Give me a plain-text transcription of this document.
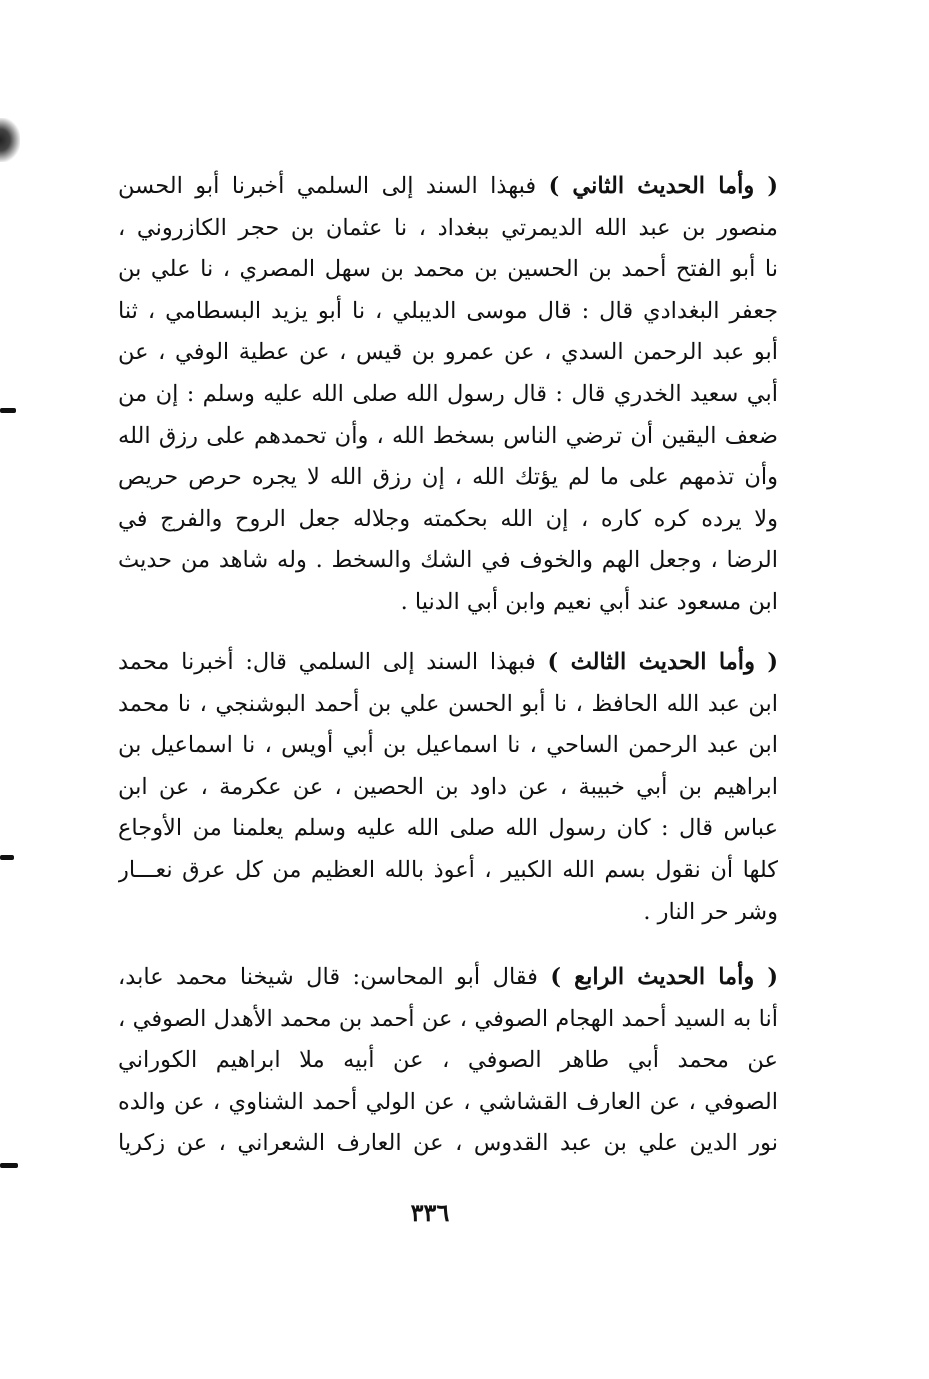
( وأما الحديث الثاني ) فبهذا السند إلى السلمي أخبرنا أبو الحسن
منصور بن عبد الله الديمرتي ببغداد ، نا عثمان بن حجر الكازروني ،
نا أبو الفتح أحمد بن الحسين بن محمد بن سهل المصري ، نا علي بن
جعفر البغدادي قال : قال موسى الديبلي ، نا أبو يزيد البسطامي ، ثنا
أبو عبد الرحمن السدي ، عن عمرو بن قيس ، عن عطية الوفي ، عن
أبي سعيد الخدري قال : قال رسول الله صلى الله عليه وسلم : إن من
ضعف اليقين أن ترضي الناس بسخط الله ، وأن تحمدهم على رزق الله
وأن تذمهم على ما لم يؤتك الله ، إن رزق الله لا يجره حرص حريص
ولا يرده كره كاره ، إن الله بحكمته وجلاله جعل الروح والفرج في
الرضا ، وجعل الهم والخوف في الشك والسخط . وله شاهد من حديث
ابن مسعود عند أبي نعيم وابن أبي الدنيا .
( وأما الحديث الثالث ) فبهذا السند إلى السلمي قال: أخبرنا محمد
ابن عبد الله الحافظ ، نا أبو الحسن علي بن أحمد البوشنجي ، نا محمد
ابن عبد الرحمن الساحي ، نا اسماعيل بن أبي أويس ، نا اسماعيل بن
ابراهيم بن أبي خبيبة ، عن داود بن الحصين ، عن عكرمة ، عن ابن
عباس قال : كان رسول الله صلى الله عليه وسلم يعلمنا من الأوجاع
كلها أن نقول بسم الله الكبير ، أعوذ بالله العظيم من كل عرق نعـــار
وشر حر النار .
( وأما الحديث الرابع ) فقال أبو المحاسن: قال شيخنا محمد عابد،
أنا به السيد أحمد الهجام الصوفي ، عن أحمد بن محمد الأهدل الصوفي ،
عن محمد أبي طاهر الصوفي ، عن أبيه ملا ابراهيم الكوراني
الصوفي ، عن العارف القشاشي ، عن الولي أحمد الشناوي ، عن والده
نور الدين علي بن عبد القدوس ، عن العارف الشعراني ، عن زكريا
٣٣٦
